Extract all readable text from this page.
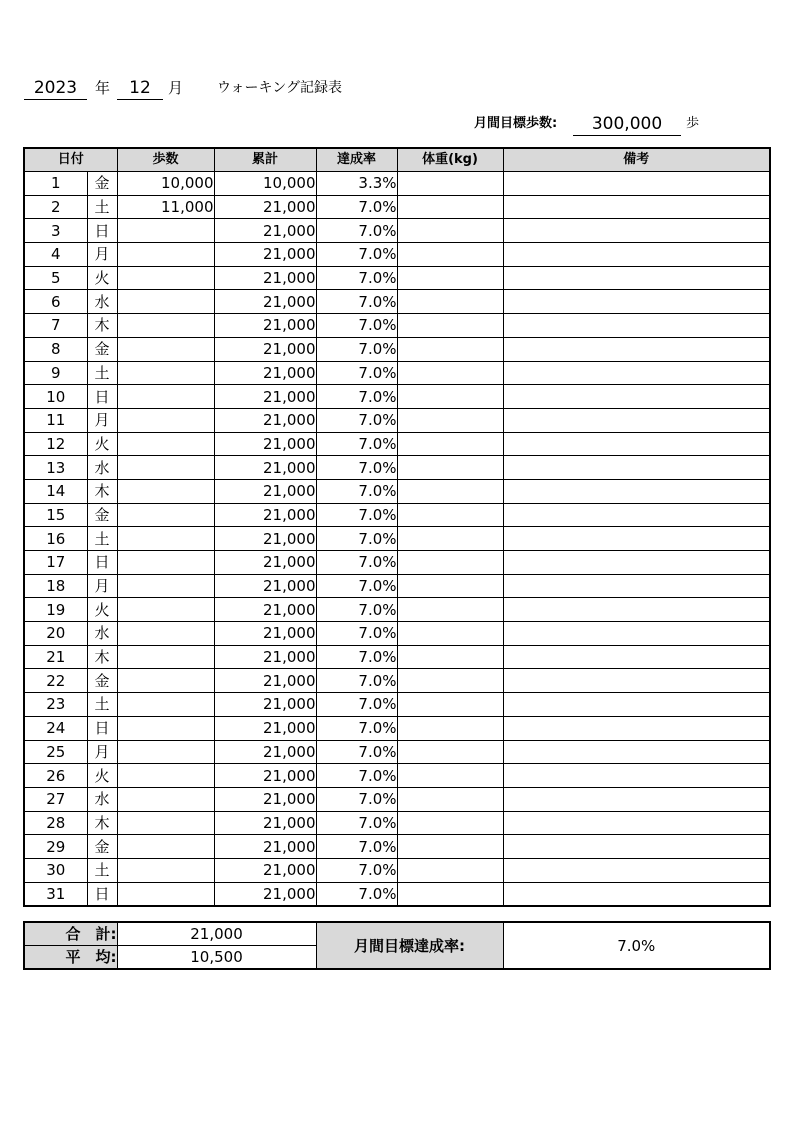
2023	年	12	月 ウォーキング記録表
月間目標歩数:	300,000	歩
日付		歩数	累計	達成率	体重(kg)	備考
1	金	10,000	10,000	3.3%		
2	土	11,000	21,000	7.0%		
3	日		21,000	7.0%		
4	月		21,000	7.0%		
5	火		21,000	7.0%		
6	水		21,000	7.0%		
7	木		21,000	7.0%		
8	金		21,000	7.0%		
9	土		21,000	7.0%		
10	日		21,000	7.0%		
11	月		21,000	7.0%		
12	火		21,000	7.0%		
13	水		21,000	7.0%		
14	木		21,000	7.0%		
15	金		21,000	7.0%		
16	土		21,000	7.0%		
17	日		21,000	7.0%		
18	月		21,000	7.0%		
19	火		21,000	7.0%		
20	水		21,000	7.0%		
21	木		21,000	7.0%		
22	金		21,000	7.0%		
23	土		21,000	7.0%		
24	日		21,000	7.0%		
25	月		21,000	7.0%		
26	火		21,000	7.0%		
27	水		21,000	7.0%		
28	木		21,000	7.0%		
29	金		21,000	7.0%		
30	土		21,000	7.0%		
31	日		21,000	7.0%		
合　計:	21,000	月間目標達成率:	7.0%
平　均:	10,500		
